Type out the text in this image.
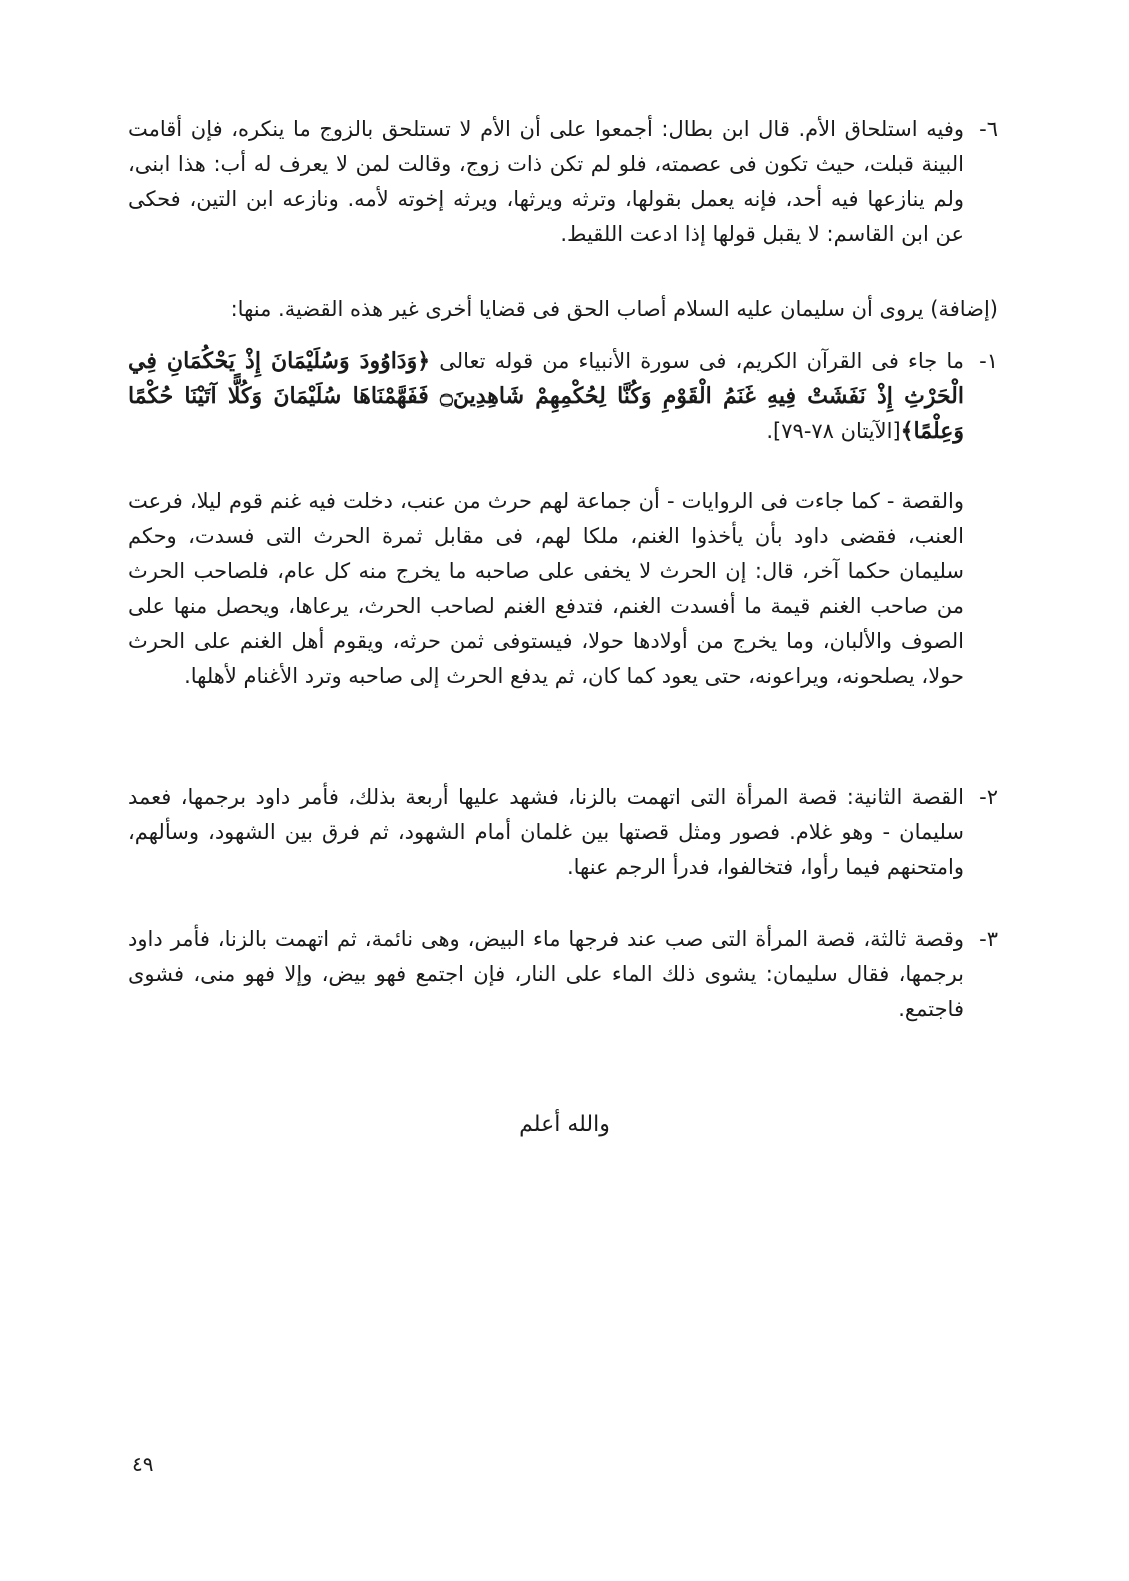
٦-
وفيه استلحاق الأم. قال ابن بطال: أجمعوا على أن الأم لا تستلحق بالزوج ما ينكره، فإن أقامت البينة قبلت، حيث تكون فى عصمته، فلو لم تكن ذات زوج، وقالت لمن لا يعرف له أب: هذا ابنى، ولم ينازعها فيه أحد، فإنه يعمل بقولها، وترثه ويرثها، ويرثه إخوته لأمه. ونازعه ابن التين، فحكى عن ابن القاسم: لا يقبل قولها إذا ادعت اللقيط.
(إضافة) يروى أن سليمان عليه السلام أصاب الحق فى قضايا أخرى غير هذه القضية. منها:
١-
ما جاء فى القرآن الكريم، فى سورة الأنبياء من قوله تعالى ﴿وَدَاوُودَ وَسُلَيْمَانَ إِذْ يَحْكُمَانِ فِي الْحَرْثِ إِذْ نَفَشَتْ فِيهِ غَنَمُ الْقَوْمِ وَكُنَّا لِحُكْمِهِمْ شَاهِدِينَ۝ فَفَهَّمْنَاهَا سُلَيْمَانَ وَكُلًّا آتَيْنَا حُكْمًا وَعِلْمًا﴾[الآيتان ٧٨-٧٩].
والقصة - كما جاءت فى الروايات - أن جماعة لهم حرث من عنب، دخلت فيه غنم قوم ليلا، فرعت العنب، فقضى داود بأن يأخذوا الغنم، ملكا لهم، فى مقابل ثمرة الحرث التى فسدت، وحكم سليمان حكما آخر، قال: إن الحرث لا يخفى على صاحبه ما يخرج منه كل عام، فلصاحب الحرث من صاحب الغنم قيمة ما أفسدت الغنم، فتدفع الغنم لصاحب الحرث، يرعاها، ويحصل منها على الصوف والألبان، وما يخرج من أولادها حولا، فيستوفى ثمن حرثه، ويقوم أهل الغنم على الحرث حولا، يصلحونه، ويراعونه، حتى يعود كما كان، ثم يدفع الحرث إلى صاحبه وترد الأغنام لأهلها.
٢-
القصة الثانية: قصة المرأة التى اتهمت بالزنا، فشهد عليها أربعة بذلك، فأمر داود برجمها، فعمد سليمان - وهو غلام. فصور ومثل قصتها بين غلمان أمام الشهود، ثم فرق بين الشهود، وسألهم، وامتحنهم فيما رأوا، فتخالفوا، فدرأ الرجم عنها.
٣-
وقصة ثالثة، قصة المرأة التى صب عند فرجها ماء البيض، وهى نائمة، ثم اتهمت بالزنا، فأمر داود برجمها، فقال سليمان: يشوى ذلك الماء على النار، فإن اجتمع فهو بيض، وإلا فهو منى، فشوى فاجتمع.
والله أعلم
٤٩
